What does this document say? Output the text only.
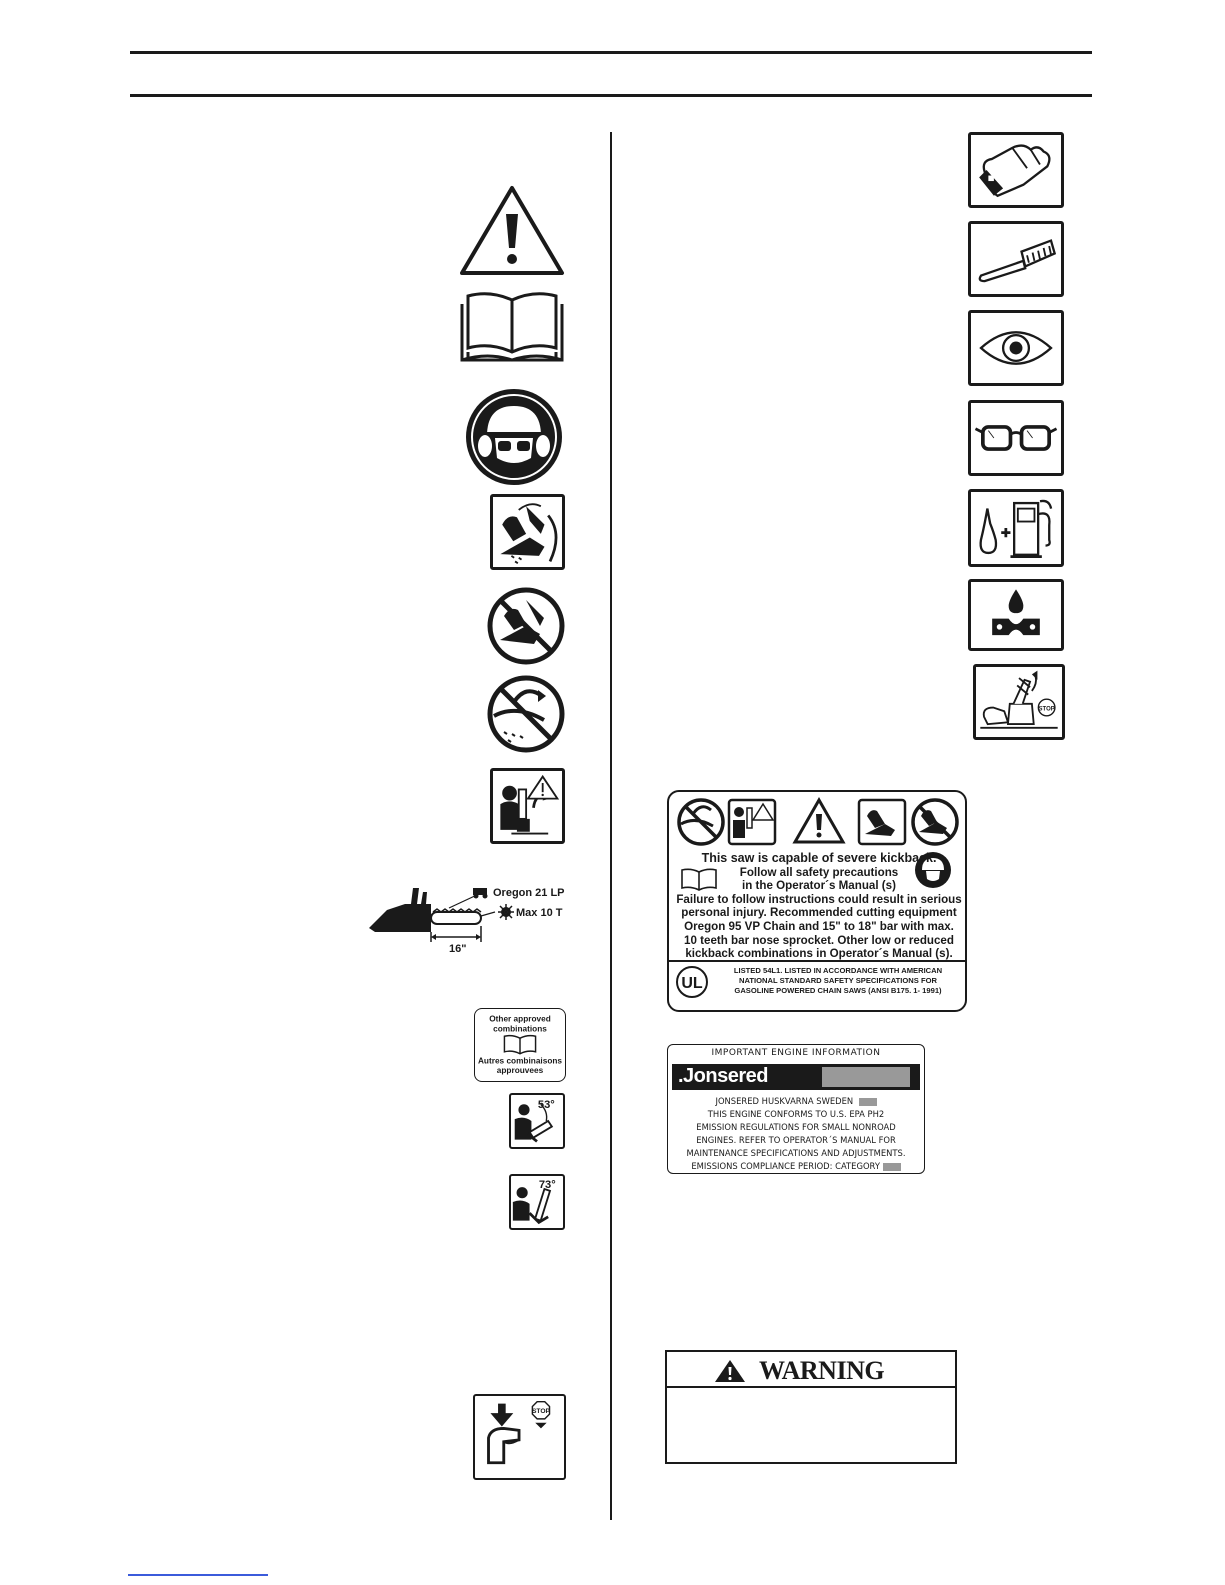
Oregon 21 LP
Max 10 T
16"
Other approved
combinations
Autres combinaisons
approuvees
53°
73°
STOP
STOP
This saw is capable of severe kickback.
Follow all safety precautions
in the Operator´s Manual (s)
Failure to follow instructions could result in serious
personal injury. Recommended cutting equipment
Oregon 95 VP Chain and 15" to 18" bar with max.
10 teeth bar nose sprocket. Other low or reduced
kickback combinations in Operator´s Manual (s).
UL
LISTED 54L1. LISTED IN ACCORDANCE WITH AMERICAN
NATIONAL STANDARD SAFETY SPECIFICATIONS FOR
GASOLINE POWERED CHAIN SAWS (ANSI B175. 1- 1991)
IMPORTANT ENGINE INFORMATION
.Jonsered
JONSERED HUSKVARNA SWEDEN
THIS ENGINE CONFORMS TO U.S. EPA PH2
EMISSION REGULATIONS FOR SMALL NONROAD
ENGINES. REFER TO OPERATOR´S MANUAL FOR
MAINTENANCE SPECIFICATIONS AND ADJUSTMENTS.
EMISSIONS COMPLIANCE PERIOD: CATEGORY
WARNING
